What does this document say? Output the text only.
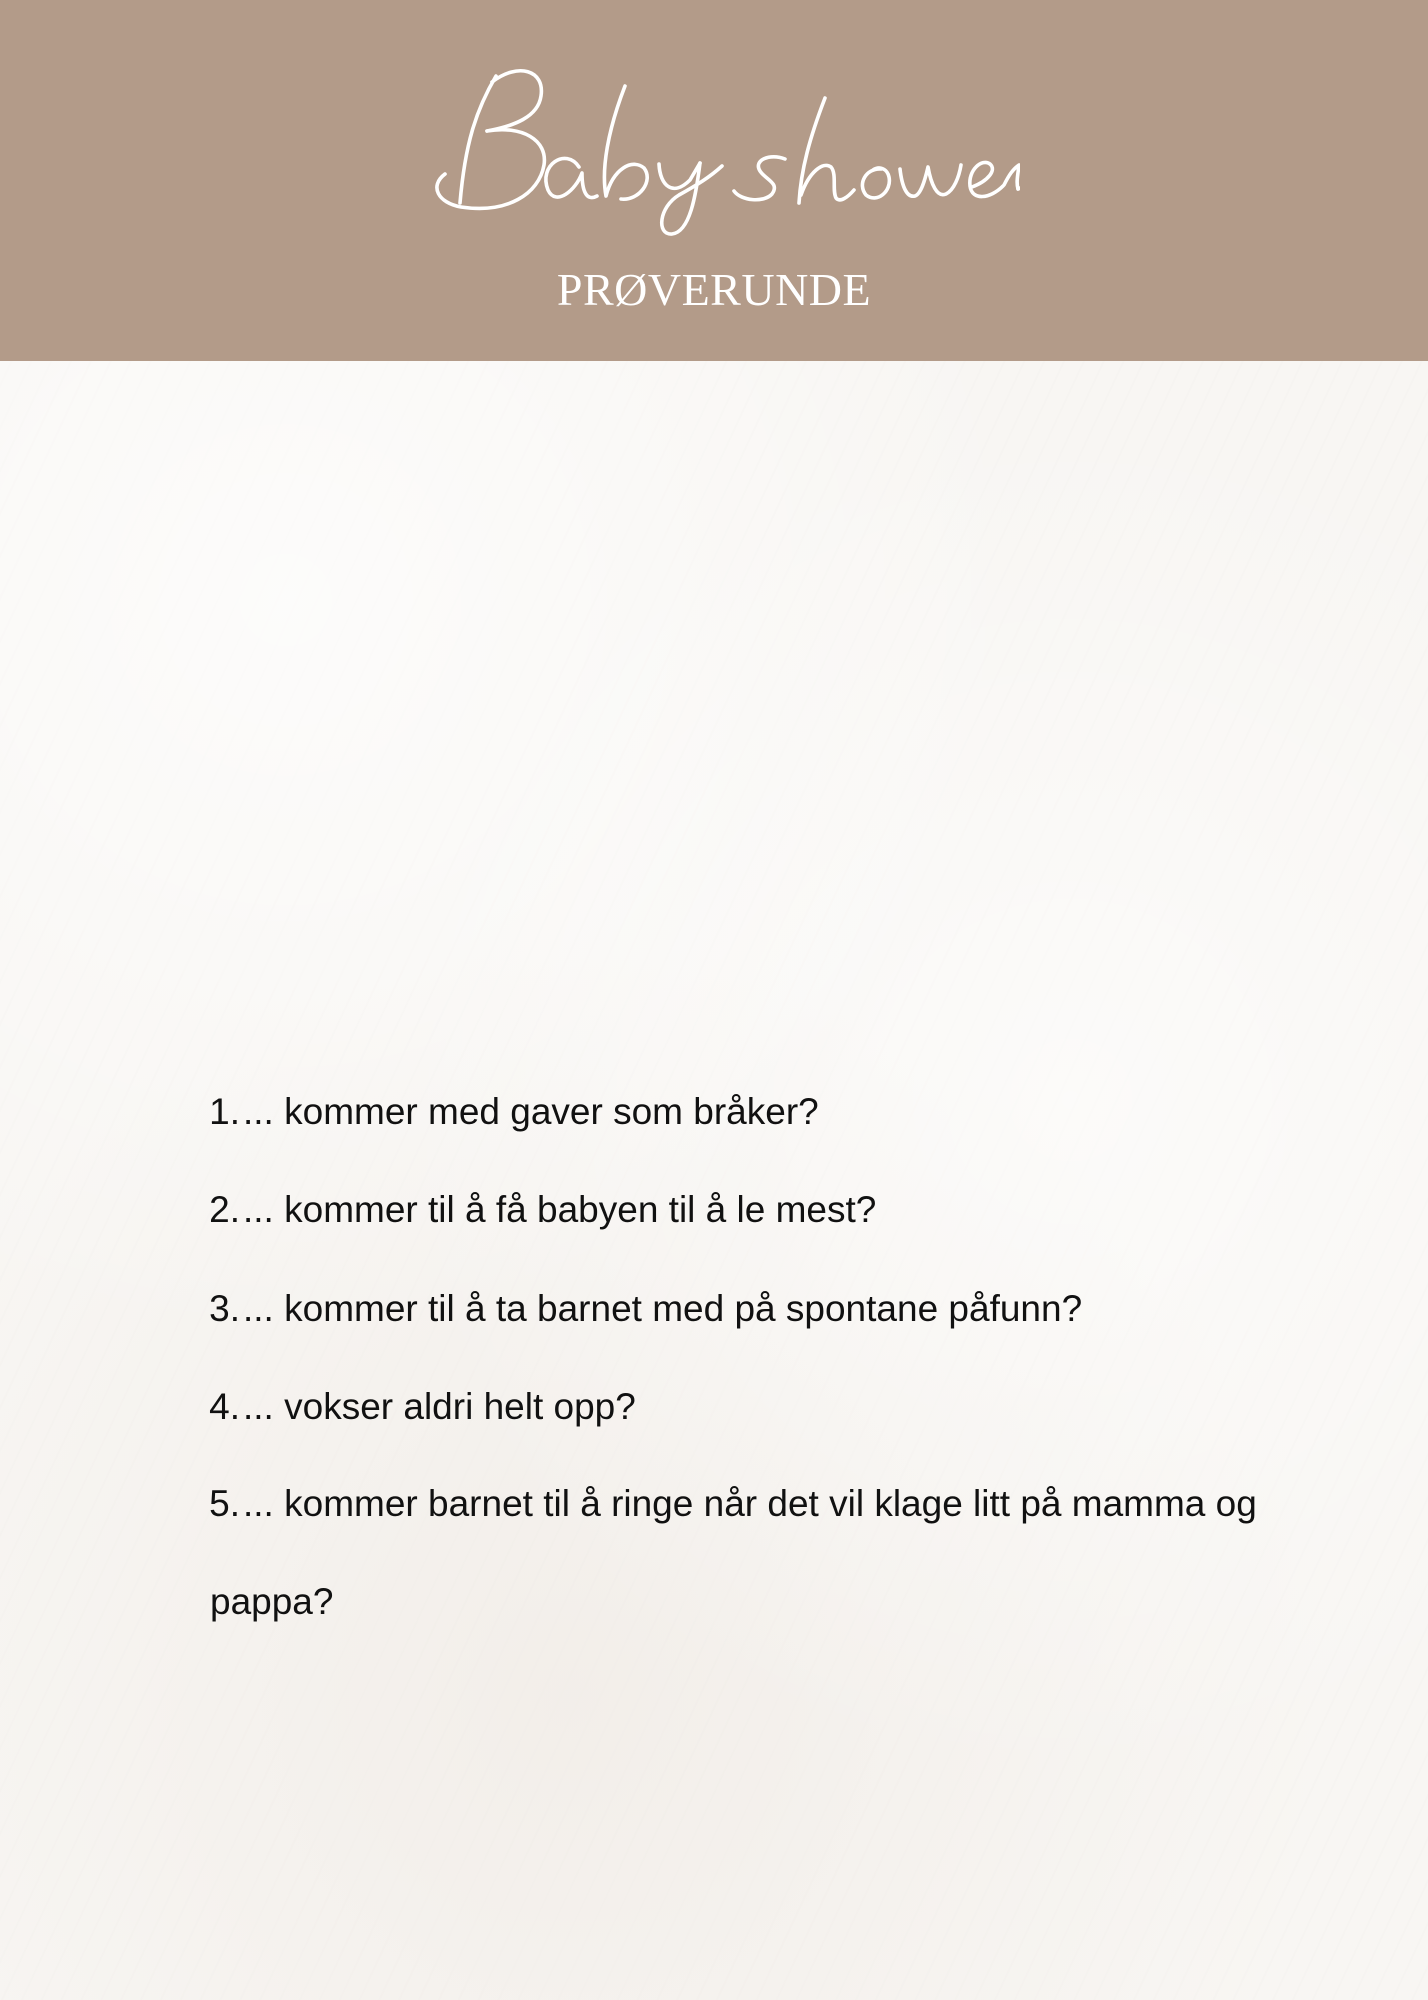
PRØVERUNDE
1. ... kommer med gaver som bråker?
2. ... kommer til å få babyen til å le mest?
3. ... kommer til å ta barnet med på spontane påfunn?
4. ... vokser aldri helt opp?
5. ... kommer barnet til å ringe når det vil klage litt på mamma og
pappa?
